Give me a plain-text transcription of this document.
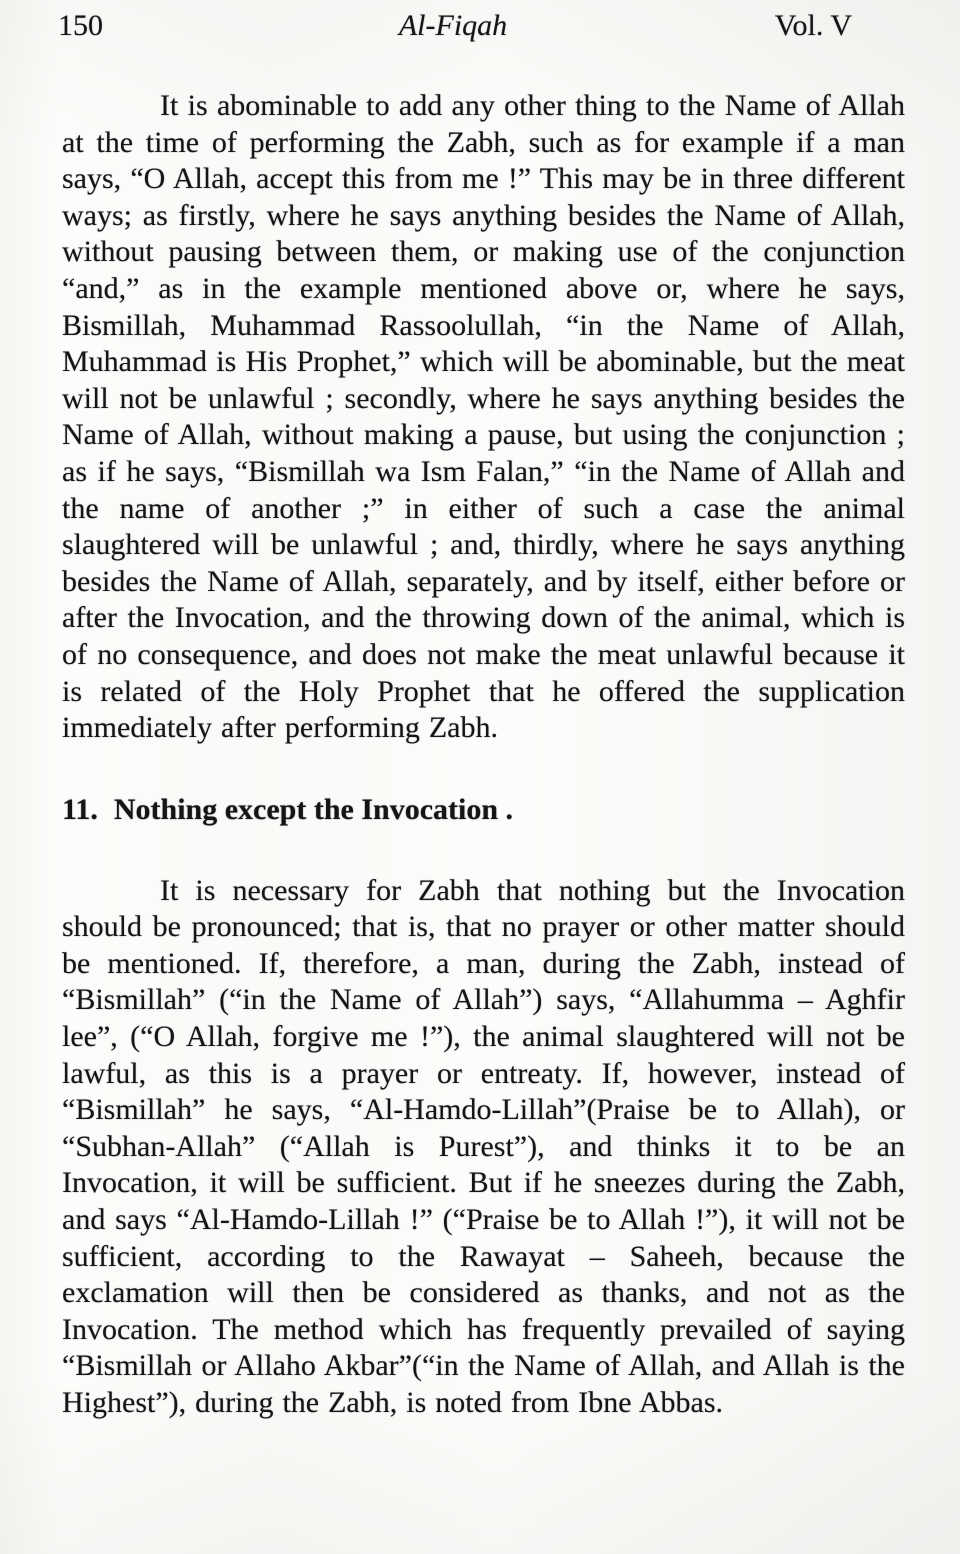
150	Al-Fiqah	Vol. V

It is abominable to add any other thing to the Name of Allah at the time of performing the Zabh, such as for example if a man says, “O Allah, accept this from me !” This may be in three different ways; as firstly, where he says anything besides the Name of Allah, without pausing between them, or making use of the conjunction “and,” as in the example mentioned above or, where he says, Bismillah, Muhammad Rassoolullah, “in the Name of Allah, Muhammad is His Prophet,” which will be abominable, but the meat will not be unlawful ; secondly, where he says anything besides the Name of Allah, without making a pause, but using the conjunction ; as if he says, “Bismillah wa Ism Falan,” “in the Name of Allah and the name of another ;” in either of such a case the animal slaughtered will be unlawful ; and, thirdly, where he says anything besides the Name of Allah, separately, and by itself, either before or after the Invocation, and the throwing down of the animal, which is of no consequence, and does not make the meat unlawful because it is related of the Holy Prophet that he offered the supplication immediately after performing Zabh.

11. Nothing except the Invocation .

It is necessary for Zabh that nothing but the Invocation should be pronounced; that is, that no prayer or other matter should be mentioned. If, therefore, a man, during the Zabh, instead of “Bismillah” (“in the Name of Allah”) says, “Allahumma – Aghfir lee”, (“O Allah, forgive me !”), the animal slaughtered will not be lawful, as this is a prayer or entreaty. If, however, instead of “Bismillah” he says, “Al-Hamdo-Lillah”(Praise be to Allah), or “Subhan-Allah” (“Allah is Purest”), and thinks it to be an Invocation, it will be sufficient. But if he sneezes during the Zabh, and says “Al-Hamdo-Lillah !” (“Praise be to Allah !”), it will not be sufficient, according to the Rawayat – Saheeh, because the exclamation will then be considered as thanks, and not as the Invocation. The method which has frequently prevailed of saying “Bismillah or Allaho Akbar”(“in the Name of Allah, and Allah is the Highest”), during the Zabh, is noted from Ibne Abbas.
